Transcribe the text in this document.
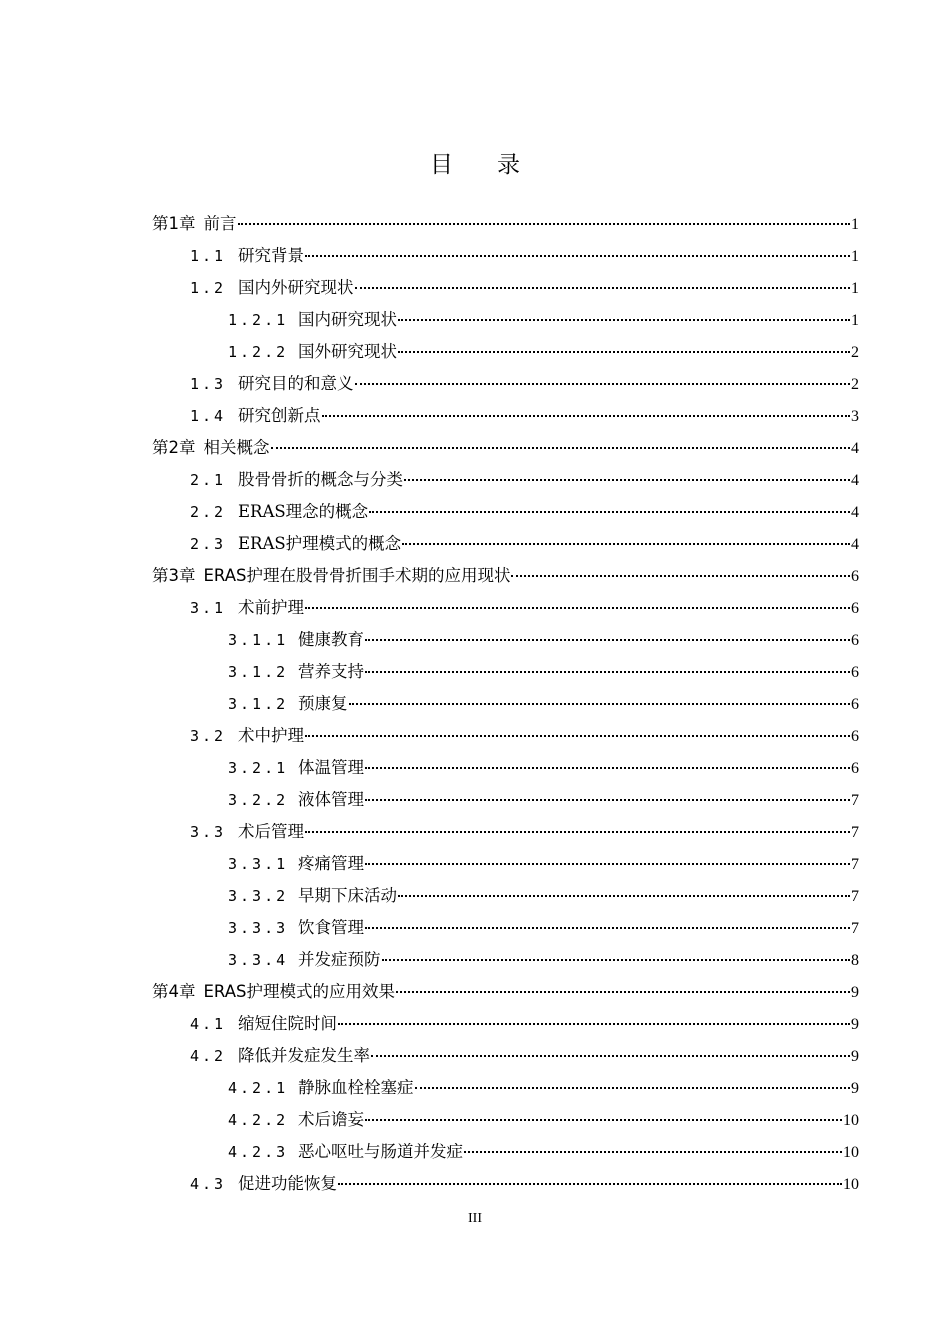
目录
第1章 前言	1
1.1 研究背景	1
1.2 国内外研究现状	1
1.2.1 国内研究现状	1
1.2.2 国外研究现状	2
1.3 研究目的和意义	2
1.4 研究创新点	3
第2章 相关概念	4
2.1 股骨骨折的概念与分类	4
2.2 ERAS理念的概念	4
2.3 ERAS护理模式的概念	4
第3章 ERAS护理在股骨骨折围手术期的应用现状	6
3.1 术前护理	6
3.1.1 健康教育	6
3.1.2 营养支持	6
3.1.2 预康复	6
3.2 术中护理	6
3.2.1 体温管理	6
3.2.2 液体管理	7
3.3 术后管理	7
3.3.1 疼痛管理	7
3.3.2 早期下床活动	7
3.3.3 饮食管理	7
3.3.4 并发症预防	8
第4章 ERAS护理模式的应用效果	9
4.1 缩短住院时间	9
4.2 降低并发症发生率	9
4.2.1 静脉血栓栓塞症	9
4.2.2 术后谵妄	10
4.2.3 恶心呕吐与肠道并发症	10
4.3 促进功能恢复	10
III
